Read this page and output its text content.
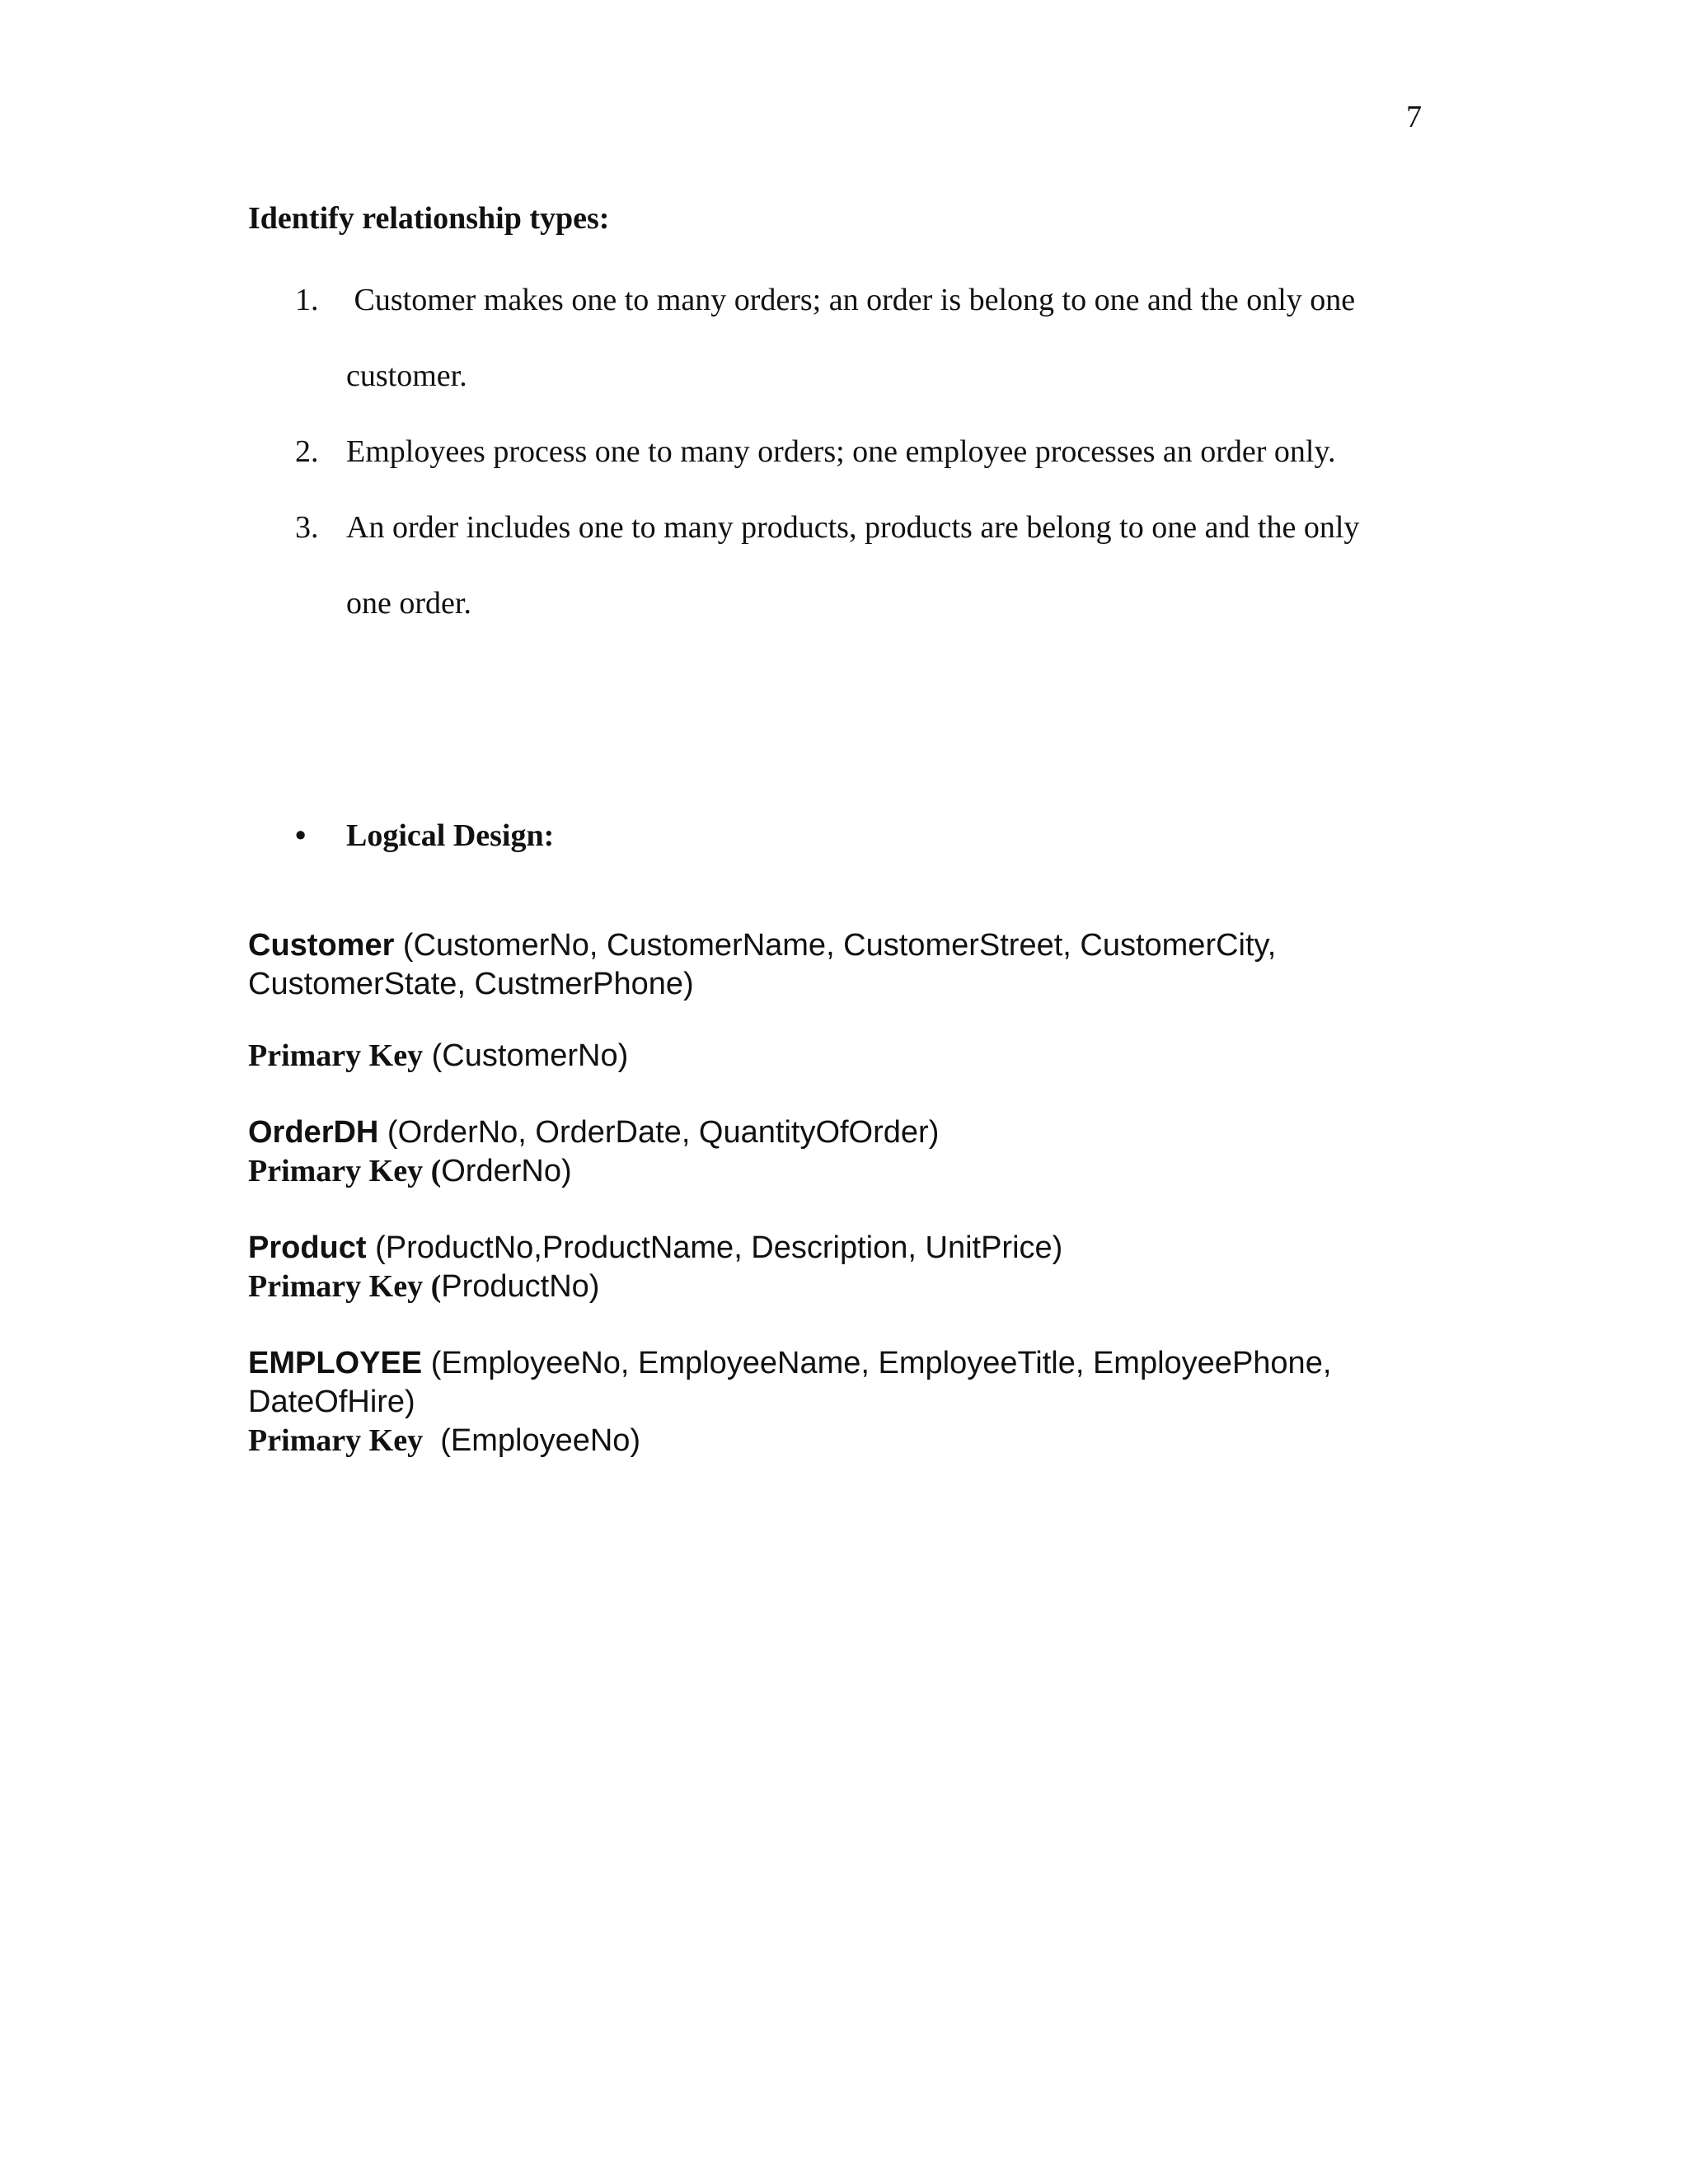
7
Identify relationship types:
1. Customer makes one to many orders; an order is belong to one and the only one
customer.
2. Employees process one to many orders; one employee processes an order only.
3. An order includes one to many products, products are belong to one and the only
one order.
• Logical Design:
Customer (CustomerNo, CustomerName, CustomerStreet, CustomerCity,
CustomerState, CustmerPhone)
Primary Key (CustomerNo)
OrderDH (OrderNo, OrderDate, QuantityOfOrder)
Primary Key (OrderNo)
Product (ProductNo,ProductName, Description, UnitPrice)
Primary Key (ProductNo)
EMPLOYEE (EmployeeNo, EmployeeName, EmployeeTitle, EmployeePhone,
DateOfHire)
Primary Key  (EmployeeNo)
